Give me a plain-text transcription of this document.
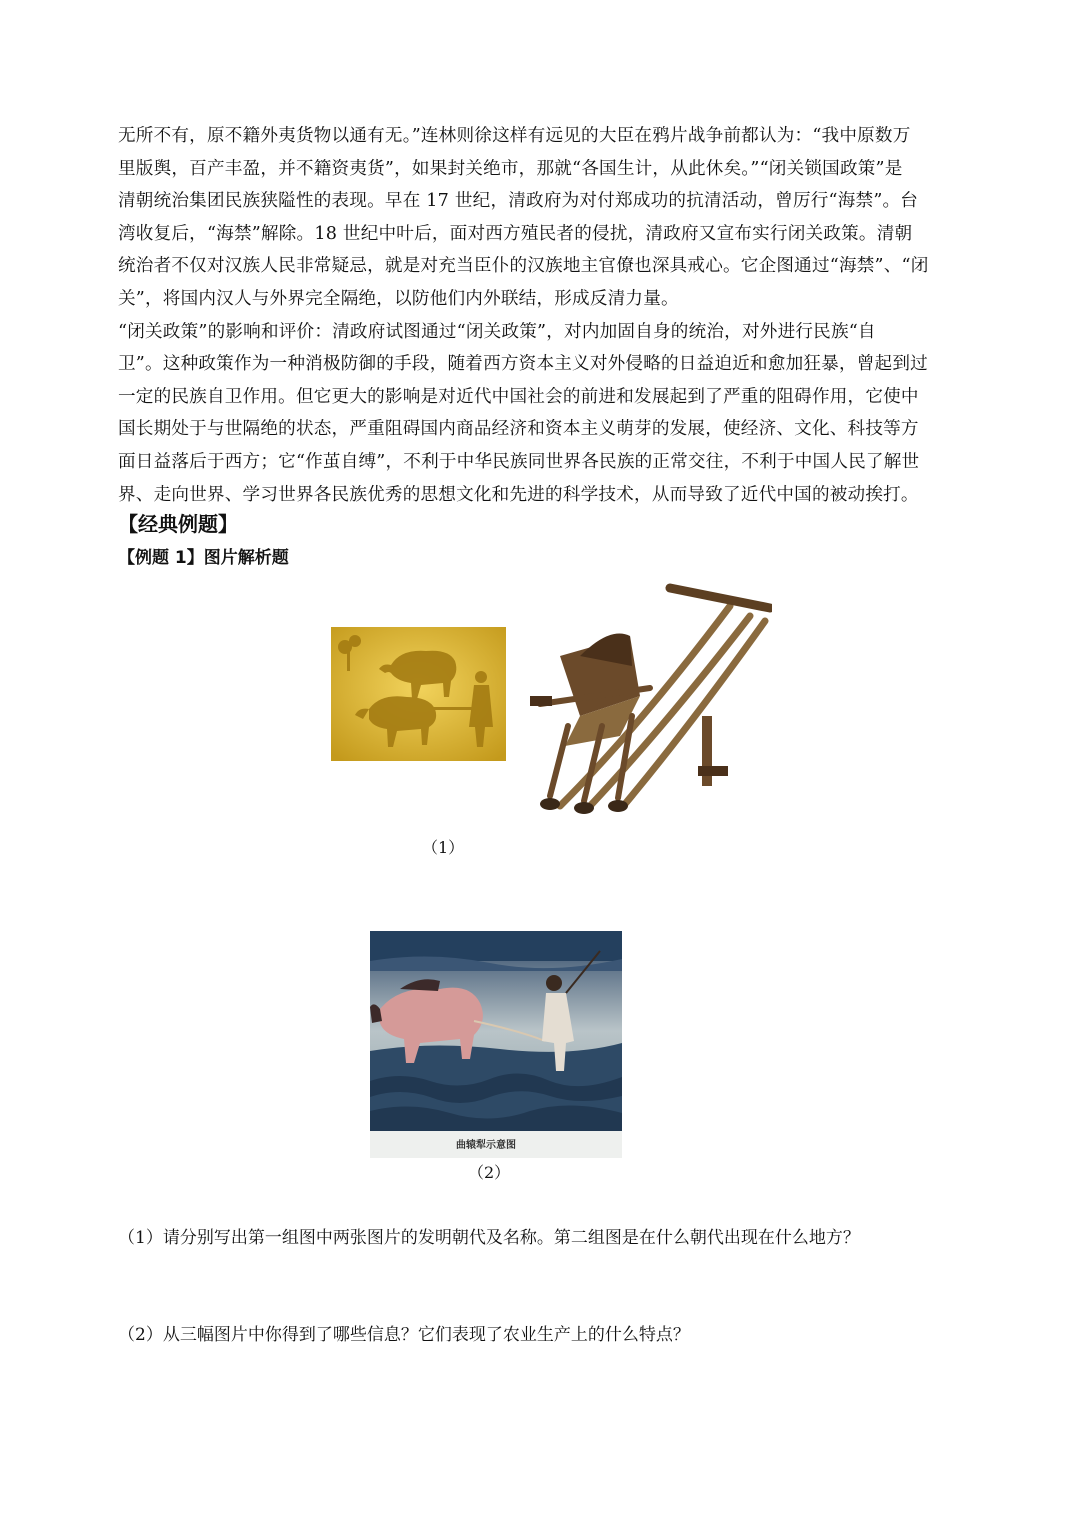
无所不有，原不籍外夷货物以通有无。”连林则徐这样有远见的大臣在鸦片战争前都认为：“我中原数万
里版舆，百产丰盈，并不籍资夷货”，如果封关绝市，那就“各国生计，从此休矣。”“闭关锁国政策”是
清朝统治集团民族狭隘性的表现。早在 17 世纪，清政府为对付郑成功的抗清活动，曾厉行“海禁”。台
湾收复后，“海禁”解除。18 世纪中叶后，面对西方殖民者的侵扰，清政府又宣布实行闭关政策。清朝
统治者不仅对汉族人民非常疑忌，就是对充当臣仆的汉族地主官僚也深具戒心。它企图通过“海禁”、“闭
关”，将国内汉人与外界完全隔绝，以防他们内外联结，形成反清力量。
“闭关政策”的影响和评价：清政府试图通过“闭关政策”，对内加固自身的统治，对外进行民族“自
卫”。这种政策作为一种消极防御的手段，随着西方资本主义对外侵略的日益迫近和愈加狂暴，曾起到过
一定的民族自卫作用。但它更大的影响是对近代中国社会的前进和发展起到了严重的阻碍作用，它使中
国长期处于与世隔绝的状态，严重阻碍国内商品经济和资本主义萌芽的发展，使经济、文化、科技等方
面日益落后于西方；它“作茧自缚”，不利于中华民族同世界各民族的正常交往，不利于中国人民了解世
界、走向世界、学习世界各民族优秀的思想文化和先进的科学技术，从而导致了近代中国的被动挨打。
【经典例题】
【例题 1】图片解析题
（1）
曲辕犁示意图
（2）
（1）请分别写出第一组图中两张图片的发明朝代及名称。第二组图是在什么朝代出现在什么地方？
（2）从三幅图片中你得到了哪些信息？它们表现了农业生产上的什么特点？
